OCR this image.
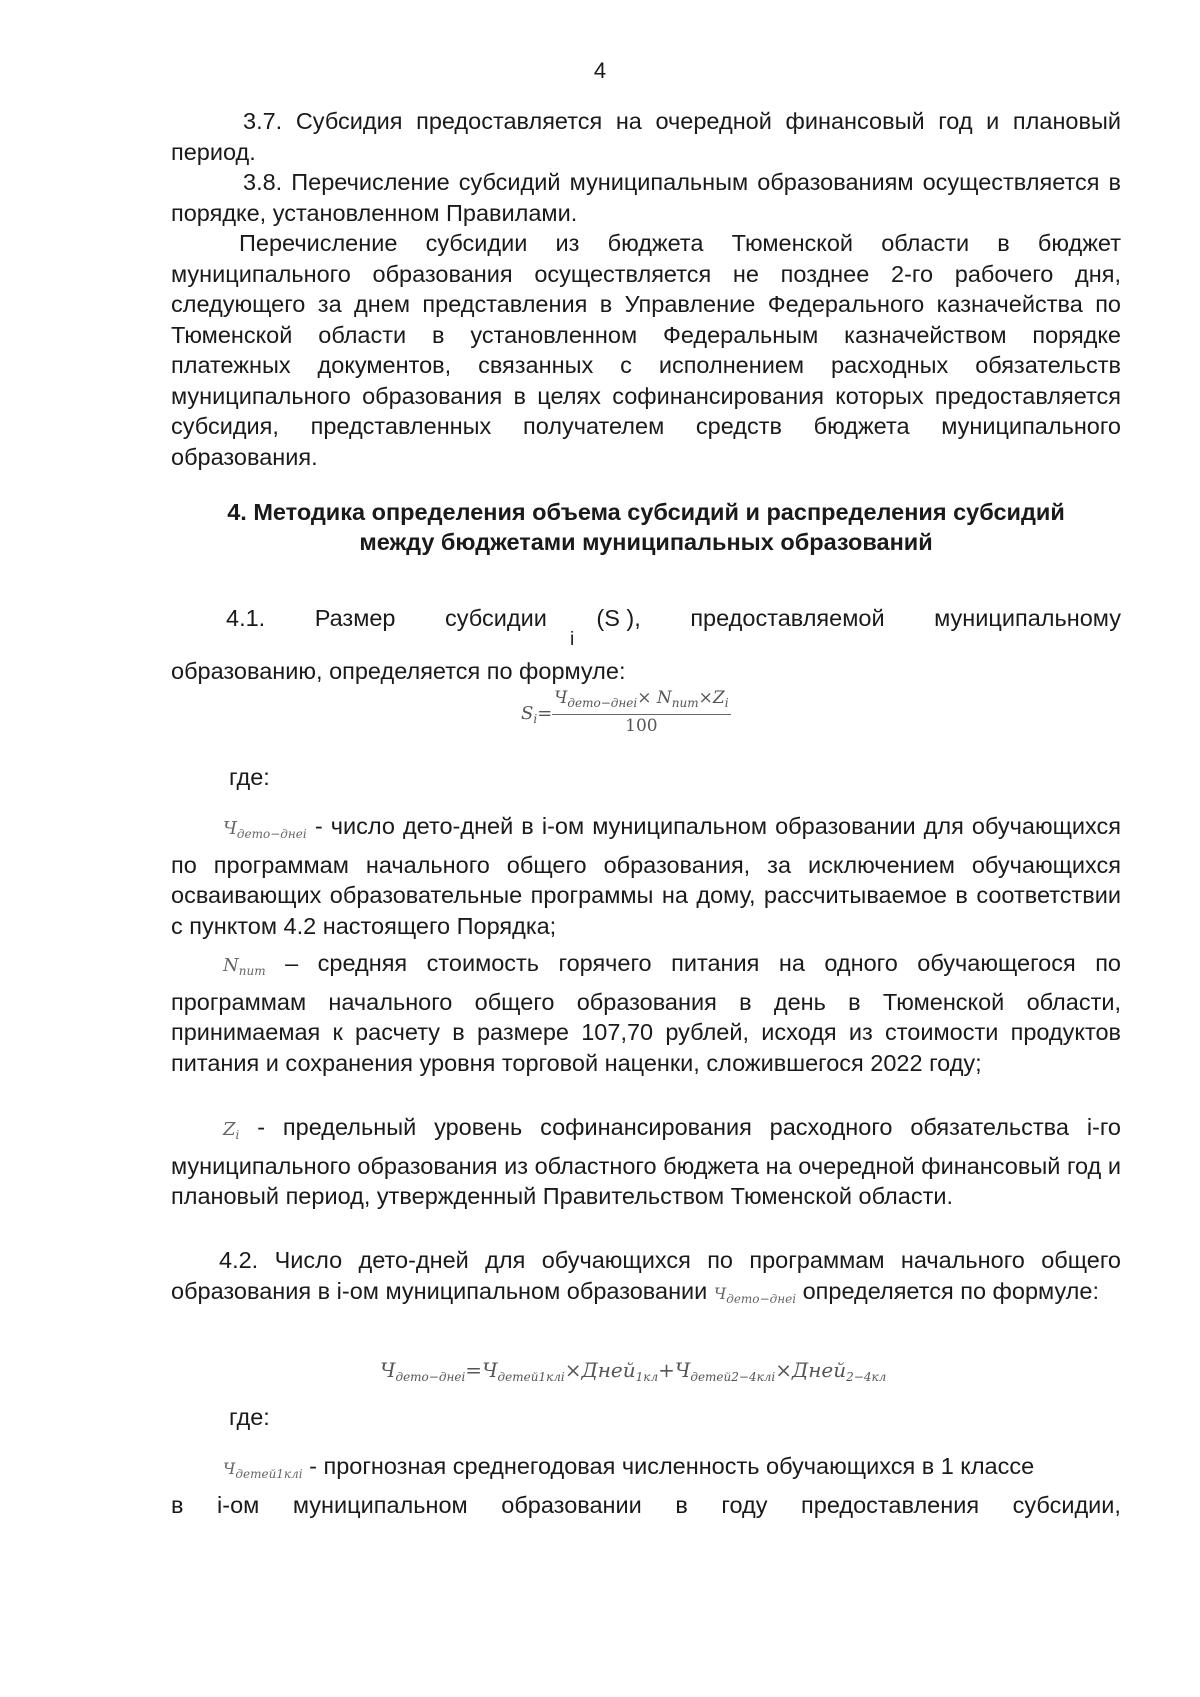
4

3.7. Субсидия предоставляется на очередной финансовый год и плановый период.

3.8. Перечисление субсидий муниципальным образованиям осуществляется в порядке, установленном Правилами.

Перечисление субсидии из бюджета Тюменской области в бюджет муниципального образования осуществляется не позднее 2-го рабочего дня, следующего за днем представления в Управление Федерального казначейства по Тюменской области в установленном Федеральным казначейством порядке платежных документов, связанных с исполнением расходных обязательств муниципального образования в целях софинансирования которых предоставляется субсидия, представленных получателем средств бюджета муниципального образования.

4. Методика определения объема субсидий и распределения субсидий

между бюджетами муниципальных образований

4.1. Размер субсидии (S ), предоставляемой муниципальному
i

образованию, определяется по формуле:

$S_i= \frac{Ч_{дето-днеi}\times N_{пит}\times Z_i}{100}$

где:

$Ч_{дето-днеi}$ - число дето-дней в i-ом муниципальном образовании для обучающихся по программам начального общего образования, за исключением обучающихся осваивающих образовательные программы на дому, рассчитываемое в соответствии с пунктом 4.2 настоящего Порядка;

$N_{пит}$ – средняя стоимость горячего питания на одного обучающегося по программам начального общего образования в день в Тюменской области, принимаемая к расчету в размере 107,70 рублей, исходя из стоимости продуктов питания и сохранения уровня торговой наценки, сложившегося 2022 году;

$Z_i$ - предельный уровень софинансирования расходного обязательства i-го муниципального образования из областного бюджета на очередной финансовый год и плановый период, утвержденный Правительством Тюменской области.

4.2. Число дето-дней для обучающихся по программам начального общего образования в i-ом муниципальном образовании $Ч_{дето-днеi}$ определяется по формуле:

$Ч_{дето-днеi}=Ч_{детей1клi}\times Дней_{1кл}+Ч_{детей2-4клi}\times Дней_{2-4кл}$

где:

$Ч_{детей1клi}$ - прогнозная среднегодовая численность обучающихся в 1 классе

в i-ом муниципальном образовании в году предоставления субсидии,
